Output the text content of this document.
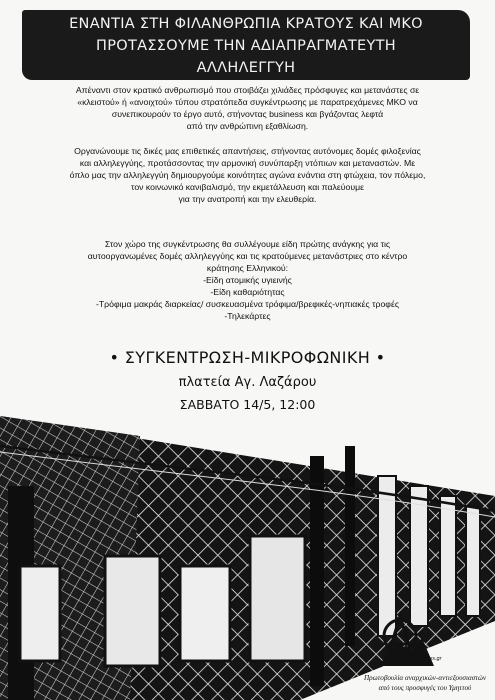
ΕΝΑΝΤΙΑ ΣΤΗ ΦΙΛΑΝΘΡΩΠΙΑ ΚΡΑΤΟΥΣ ΚΑΙ ΜΚΟ
ΠΡΟΤΑΣΣΟΥΜΕ ΤΗΝ ΑΔΙΑΠΡΑΓΜΑΤΕΥΤΗ
ΑΛΛΗΛΕΓΓΥΗ
Απέναντι στον κρατικό ανθρωπισμό που στοιβάζει χιλιάδες πρόσφυγες και μετανάστες σε
«κλειστού» ή «ανοιχτού» τύπου στρατόπεδα συγκέντρωσης με παρατρεχάμενες ΜΚΟ να
συνεπικουρούν το έργο αυτό, στήνοντας business και βγάζοντας λεφτά
από την ανθρώπινη εξαθλίωση.
Οργανώνουμε τις δικές μας επιθετικές απαντήσεις, στήνοντας αυτόνομες δομές φιλοξενίας
και αλληλεγγύης, προτάσσοντας την αρμονική συνύπαρξη ντόπιων και μεταναστών. Με
όπλο μας την αλληλεγγύη δημιουργούμε κοινότητες αγώνα ενάντια στη φτώχεια, τον πόλεμο,
τον κοινωνικό κανιβαλισμό, την εκμετάλλευση και παλεύουμε
για την ανατροπή και την ελευθερία.
Στον χώρο της συγκέντρωσης θα συλλέγουμε είδη πρώτης ανάγκης για τις
αυτοοργανωμένες δομές αλληλεγγύης και τις κρατούμενες μετανάστριες στο κέντρο
κράτησης Ελληνικού:
-Είδη ατομικής υγιεινής
-Είδη καθαριότητας
-Τρόφιμα μακράς διαρκείας/ συσκευασμένα τρόφιμα/βρεφικές-νηπιακές τροφές
-Τηλεκάρτες
• ΣΥΓΚΕΝΤΡΩΣΗ-ΜΙΚΡΟΦΩΝΙΚΗ •
πλατεία Αγ. Λαζάρου
ΣΑΒΒΑΤΟ 14/5, 12:00
anarchypress.gr
Πρωτοβουλία αναρχικών-αντιεξουσιαστών
από τους προσφυγές του Υμηττού
